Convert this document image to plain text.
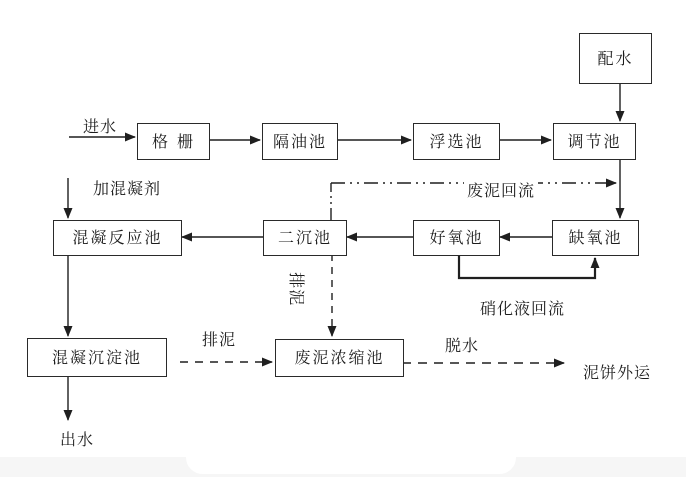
配水
格 栅	隔油池	浮选池	调节池
混凝反应池	二沉池	好氧池	缺氧池
混凝沉淀池	废泥浓缩池
进水
加混凝剂	废泥回流
排泥
硝化液回流
排泥	脱水
泥饼外运
出水
